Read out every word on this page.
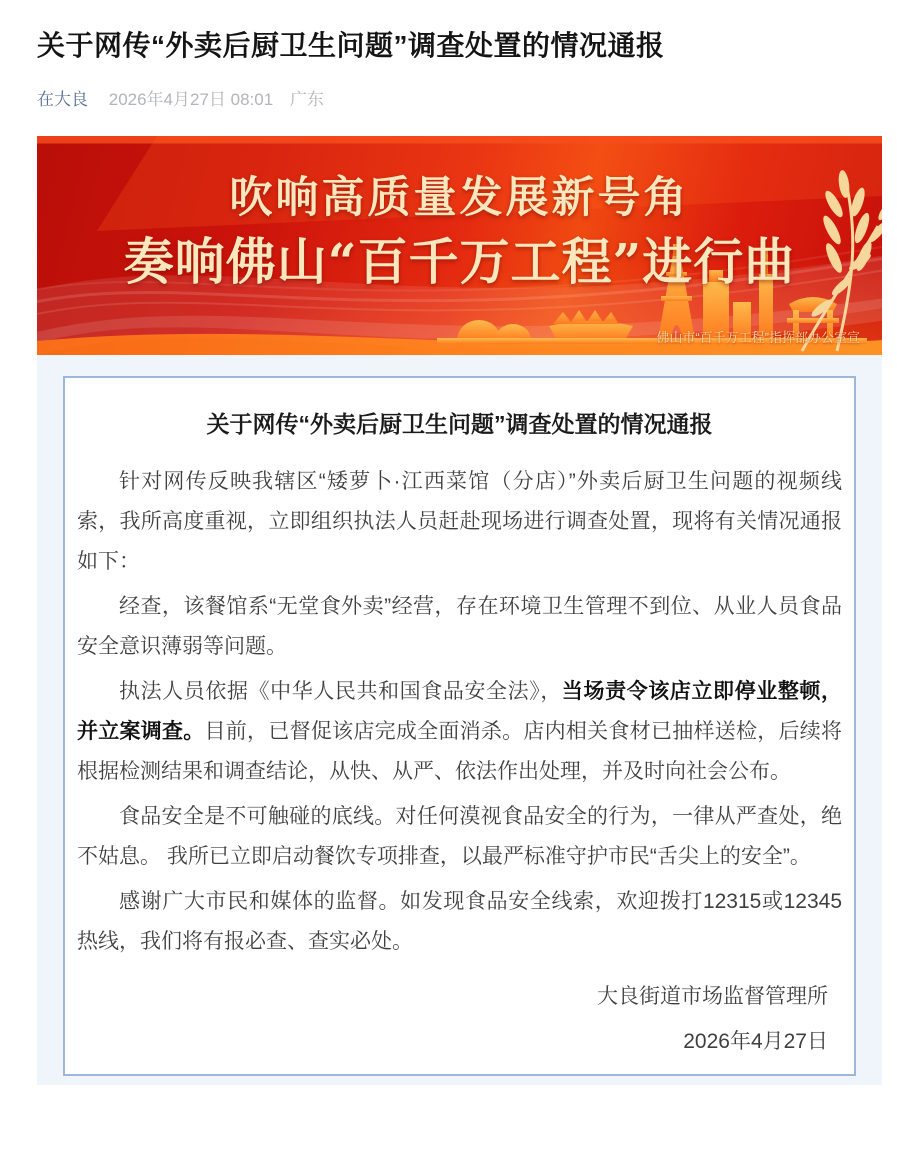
关于网传“外卖后厨卫生问题”调查处置的情况通报
在大良 2026年4月27日 08:01 广东
吹响高质量发展新号角
奏响佛山“百千万工程”进行曲
佛山市“百千万工程”指挥部办公室宣
关于网传“外卖后厨卫生问题”调查处置的情况通报

针对网传反映我辖区“矮萝卜·江西菜馆（分店）”外卖后厨卫生问题的视频线索，我所高度重视，立即组织执法人员赶赴现场进行调查处置，现将有关情况通报如下：

经查，该餐馆系“无堂食外卖”经营，存在环境卫生管理不到位、从业人员食品安全意识薄弱等问题。

执法人员依据《中华人民共和国食品安全法》，当场责令该店立即停业整顿，并立案调查。目前，已督促该店完成全面消杀。店内相关食材已抽样送检，后续将根据检测结果和调查结论，从快、从严、依法作出处理，并及时向社会公布。

食品安全是不可触碰的底线。对任何漠视食品安全的行为，一律从严查处，绝不姑息。 我所已立即启动餐饮专项排查，以最严标准守护市民“舌尖上的安全”。

感谢广大市民和媒体的监督。如发现食品安全线索，欢迎拨打12315或12345热线，我们将有报必查、查实必处。

大良街道市场监督管理所
2026年4月27日
